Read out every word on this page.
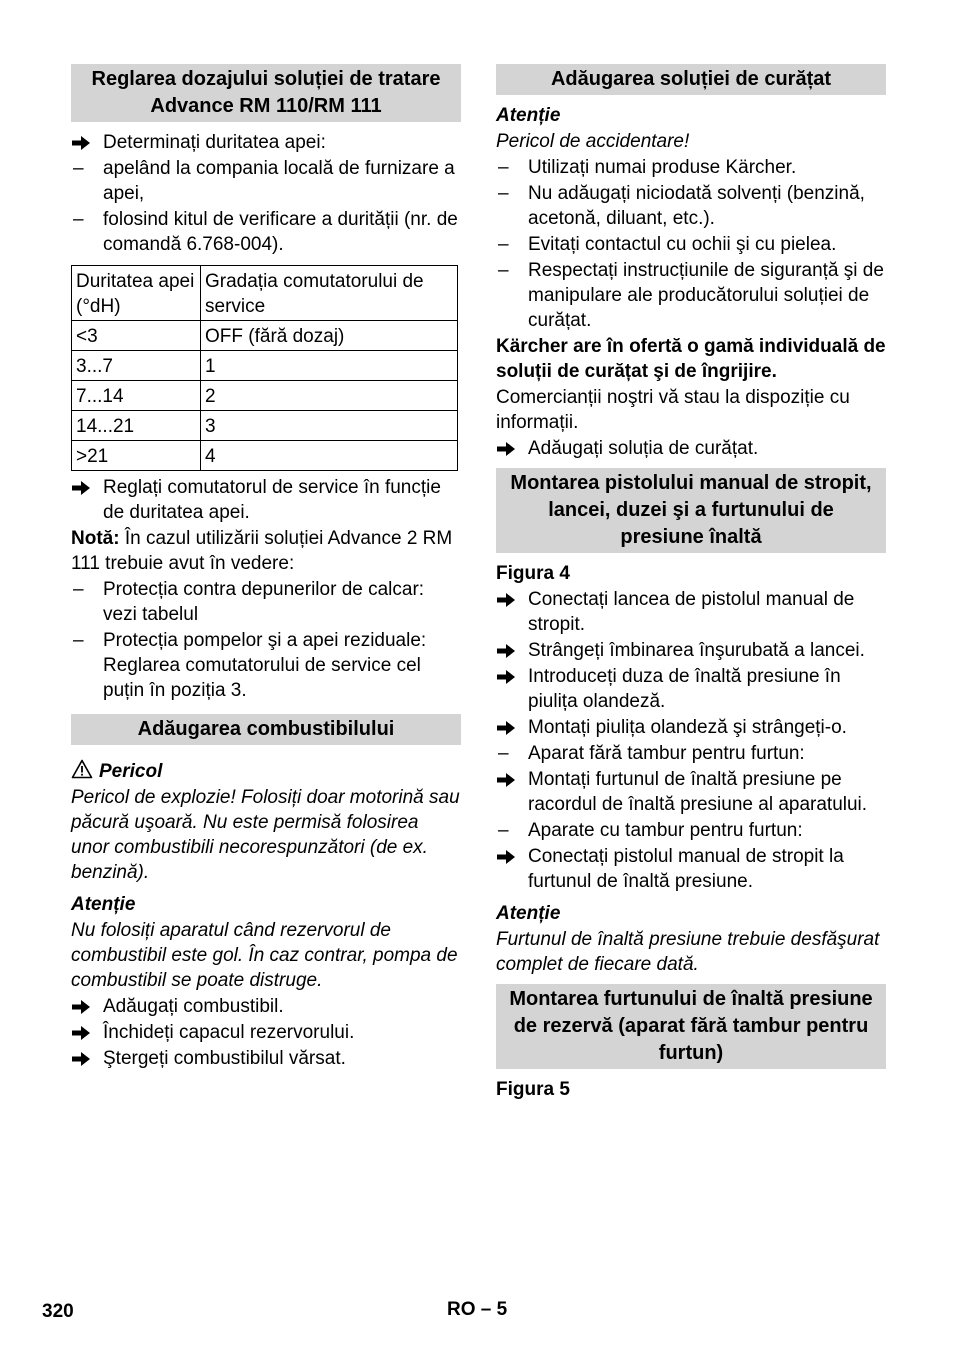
Reglarea dozajului soluției de tratare Advance RM 110/RM 111
Determinați duritatea apei:
–	apelând la compania locală de furnizare a apei,
–	folosind kitul de verificare a durității (nr. de comandă 6.768-004).
Duritatea apei (°dH)	Gradația comutatorului de service
<3	OFF (fără dozaj)
3...7	1
7...14	2
14...21	3
>21	4
Reglați comutatorul de service în funcție de duritatea apei.

Notă: În cazul utilizării soluției Advance 2 RM 111 trebuie avut în vedere:

–	Protecția contra depunerilor de calcar: vezi tabelul
–	Protecția pompelor şi a apei reziduale: Reglarea comutatorului de service cel puțin în poziția 3.
Adăugarea combustibilului

Pericol

Pericol de explozie! Folosiți doar motorină sau păcură uşoară. Nu este permisă folosirea unor combustibili necorespunzători (de ex. benzină).

Atenție

Nu folosiți aparatul când rezervorul de combustibil este gol. În caz contrar, pompa de combustibil se poate distruge.

Adăugați combustibil.
Închideți capacul rezervorului.
Ştergeți combustibilul vărsat.
Adăugarea soluției de curățat

Atenție

Pericol de accidentare!

–	Utilizați numai produse Kärcher.
–	Nu adăugați niciodată solvenți (benzină, acetonă, diluant, etc.).
–	Evitați contactul cu ochii şi cu pielea.
–	Respectați instrucțiunile de siguranță şi de manipulare ale producătorului soluției de curățat.

Kärcher are în ofertă o gamă individuală de soluții de curățat şi de îngrijire.

Comercianții noştri vă stau la dispoziție cu informații.

Adăugați soluția de curățat.
Montarea pistolului manual de stropit, lancei, duzei şi a furtunului de presiune înaltă

Figura 4

Conectați lancea de pistolul manual de stropit.
Strângeți îmbinarea înşurubată a lancei.
Introduceți duza de înaltă presiune în piulița olandeză.
Montați piulița olandeză şi strângeți-o.
–	Aparat fără tambur pentru furtun:
Montați furtunul de înaltă presiune pe racordul de înaltă presiune al aparatului.
–	Aparate cu tambur pentru furtun:
Conectați pistolul manual de stropit la furtunul de înaltă presiune.

Atenție

Furtunul de înaltă presiune trebuie desfăşurat complet de fiecare dată.

Montarea furtunului de înaltă presiune de rezervă (aparat fără tambur pentru furtun)

Figura 5

320	RO – 5
